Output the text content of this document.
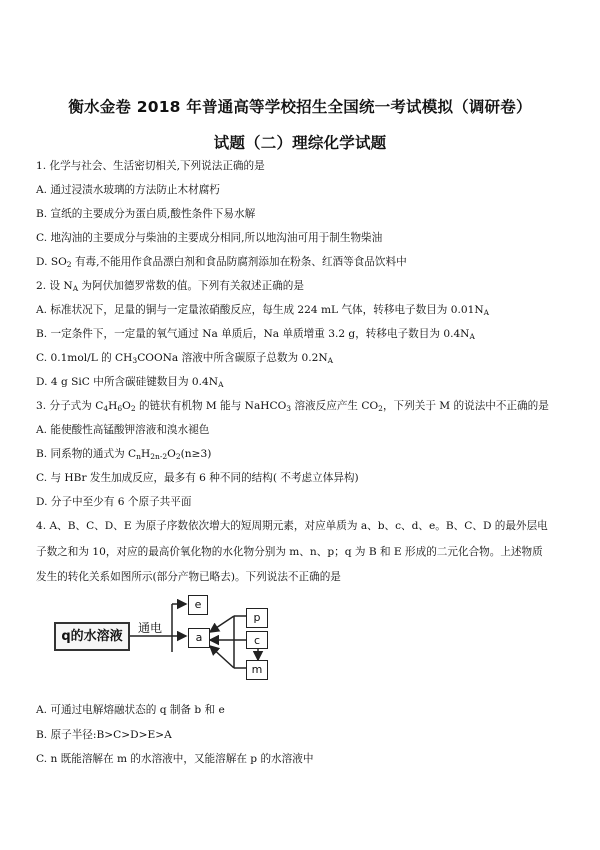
衡水金卷 2018 年普通高等学校招生全国统一考试模拟（调研卷）
试题（二）理综化学试题
1. 化学与社会、生活密切相关,下列说法正确的是
A. 通过浸渍水玻璃的方法防止木材腐朽
B. 宣纸的主要成分为蛋白质,酸性条件下易水解
C. 地沟油的主要成分与柴油的主要成分相同,所以地沟油可用于制生物柴油
D. SO2 有毒,不能用作食品漂白剂和食品防腐剂添加在粉条、红酒等食品饮料中
2. 设 NA 为阿伏加德罗常数的值。下列有关叙述正确的是
A. 标准状况下，足量的铜与一定量浓硝酸反应，每生成 224 mL 气体，转移电子数目为 0.01NA
B. 一定条件下，一定量的氧气通过 Na 单质后，Na 单质增重 3.2 g，转移电子数目为 0.4NA
C. 0.1mol/L 的 CH3COONa 溶液中所含碳原子总数为 0.2NA
D. 4 g SiC 中所含碳硅键数目为 0.4NA
3. 分子式为 C4H6O2 的链状有机物 M 能与 NaHCO3 溶液反应产生 CO2，下列关于 M 的说法中不正确的是
A. 能使酸性高锰酸钾溶液和溴水褪色
B. 同系物的通式为 CnH2n-2O2(n≥3)
C. 与 HBr 发生加成反应，最多有 6 种不同的结构( 不考虑立体异构)
D. 分子中至少有 6 个原子共平面
4. A、B、C、D、E 为原子序数依次增大的短周期元素，对应单质为 a、b、c、d、e。B、C、D 的最外层电
子数之和为 10，对应的最高价氧化物的水化物分别为 m、n、p；q 为 B 和 E 形成的二元化合物。上述物质
发生的转化关系如图所示(部分产物已略去)。下列说法不正确的是
q的水溶液
通电
e
a
p
c
m
A. 可通过电解熔融状态的 q 制备 b 和 e
B. 原子半径:B>C>D>E>A
C. n 既能溶解在 m 的水溶液中，又能溶解在 p 的水溶液中
